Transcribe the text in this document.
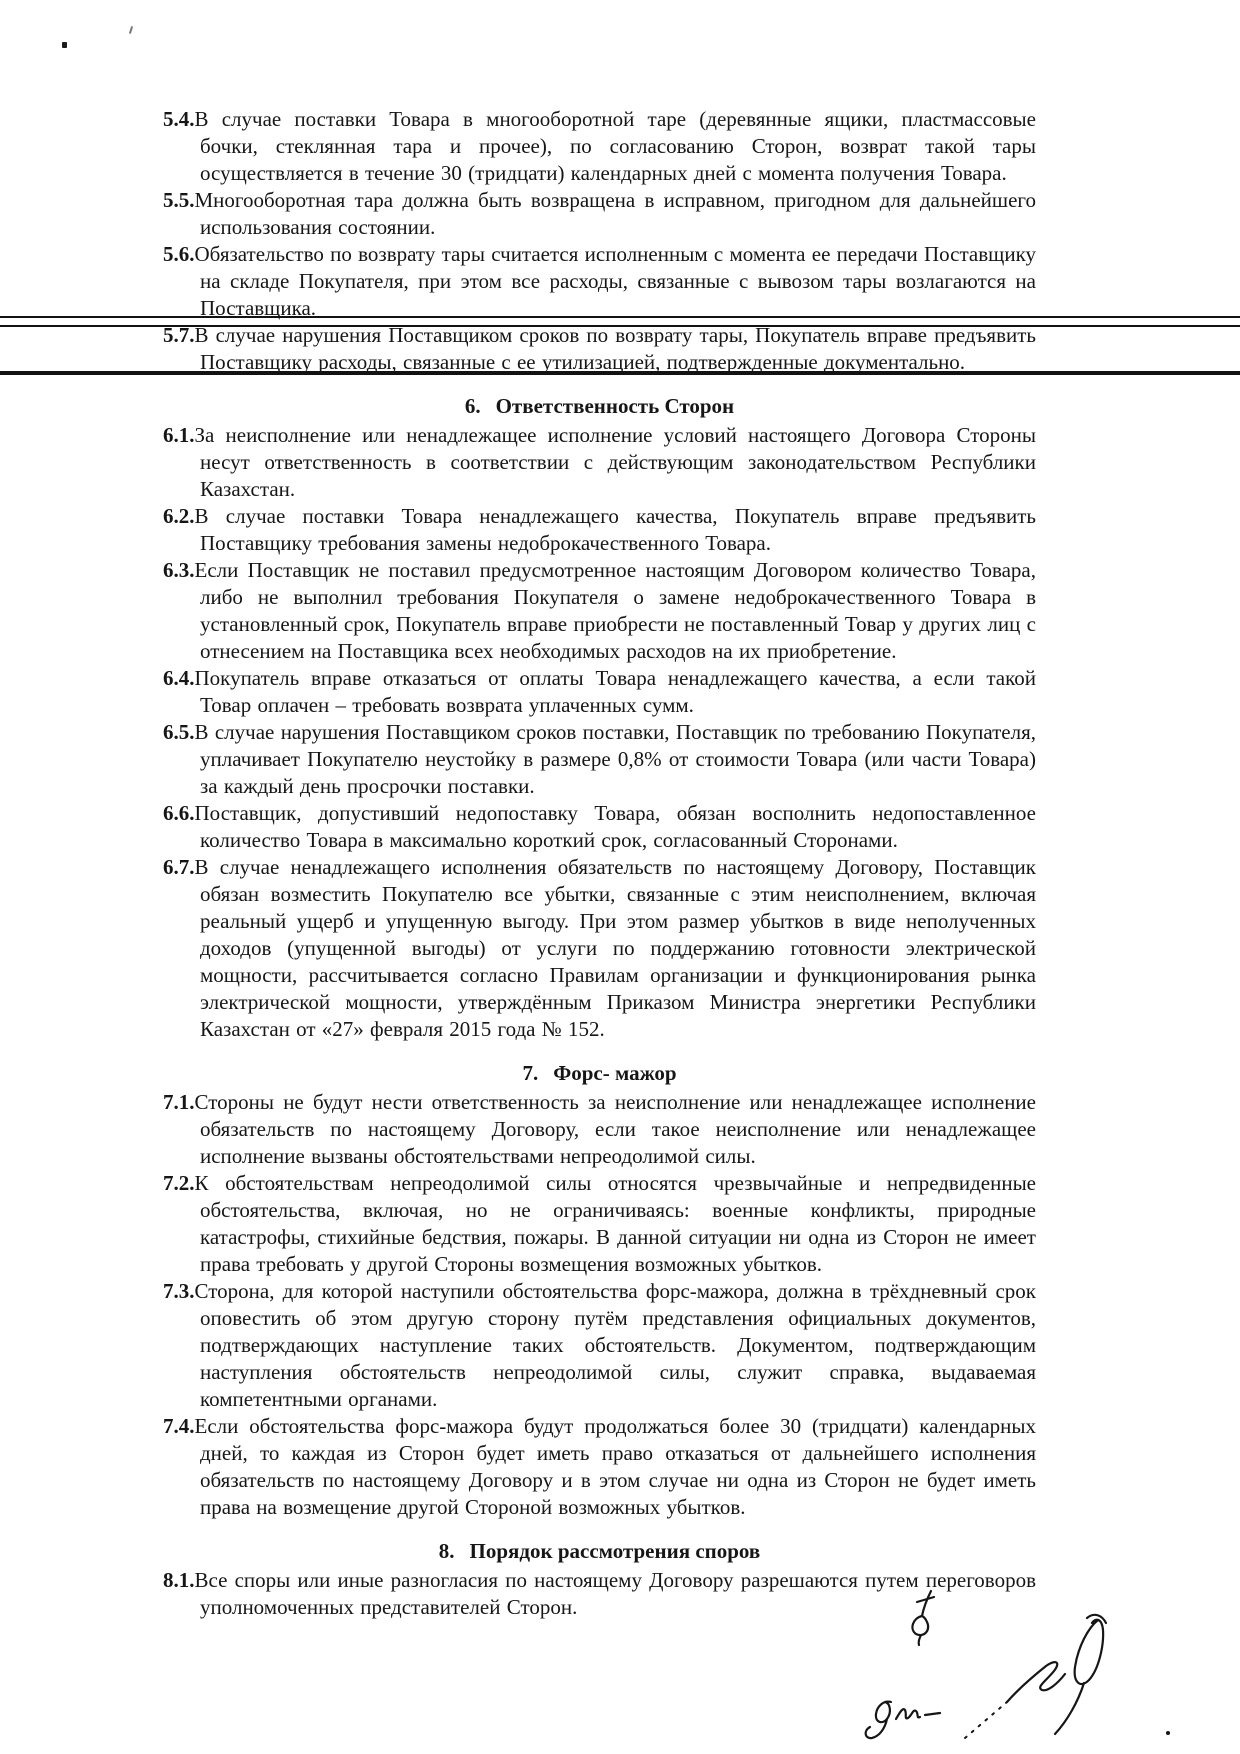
5.4.В случае поставки Товара в многооборотной таре (деревянные ящики, пластмассовые бочки, стеклянная тара и прочее), по согласованию Сторон, возврат такой тары осуществляется в течение 30 (тридцати) календарных дней с момента получения Товара.

5.5.Многооборотная тара должна быть возвращена в исправном, пригодном для дальнейшего использования состоянии.

5.6.Обязательство по возврату тары считается исполненным с момента ее передачи Поставщику на складе Покупателя, при этом все расходы, связанные с вывозом тары возлагаются на Поставщика.

5.7.В случае нарушения Поставщиком сроков по возврату тары, Покупатель вправе предъявить Поставщику расходы, связанные с ее утилизацией, подтвержденные документально.

6. Ответственность Сторон

6.1.За неисполнение или ненадлежащее исполнение условий настоящего Договора Стороны несут ответственность в соответствии с действующим законодательством Республики Казахстан.

6.2.В случае поставки Товара ненадлежащего качества, Покупатель вправе предъявить Поставщику требования замены недоброкачественного Товара.

6.3.Если Поставщик не поставил предусмотренное настоящим Договором количество Товара, либо не выполнил требования Покупателя о замене недоброкачественного Товара в установленный срок, Покупатель вправе приобрести не поставленный Товар у других лиц с отнесением на Поставщика всех необходимых расходов на их приобретение.

6.4.Покупатель вправе отказаться от оплаты Товара ненадлежащего качества, а если такой Товар оплачен – требовать возврата уплаченных сумм.

6.5.В случае нарушения Поставщиком сроков поставки, Поставщик по требованию Покупателя, уплачивает Покупателю неустойку в размере 0,8% от стоимости Товара (или части Товара) за каждый день просрочки поставки.

6.6.Поставщик, допустивший недопоставку Товара, обязан восполнить недопоставленное количество Товара в максимально короткий срок, согласованный Сторонами.

6.7.В случае ненадлежащего исполнения обязательств по настоящему Договору, Поставщик обязан возместить Покупателю все убытки, связанные с этим неисполнением, включая реальный ущерб и упущенную выгоду. При этом размер убытков в виде неполученных доходов (упущенной выгоды) от услуги по поддержанию готовности электрической мощности, рассчитывается согласно Правилам организации и функционирования рынка электрической мощности, утверждённым Приказом Министра энергетики Республики Казахстан от «27» февраля 2015 года № 152.

7. Форс- мажор

7.1.Стороны не будут нести ответственность за неисполнение или ненадлежащее исполнение обязательств по настоящему Договору, если такое неисполнение или ненадлежащее исполнение вызваны обстоятельствами непреодолимой силы.

7.2.К обстоятельствам непреодолимой силы относятся чрезвычайные и непредвиденные обстоятельства, включая, но не ограничиваясь: военные конфликты, природные катастрофы, стихийные бедствия, пожары. В данной ситуации ни одна из Сторон не имеет права требовать у другой Стороны возмещения возможных убытков.

7.3.Сторона, для которой наступили обстоятельства форс-мажора, должна в трёхдневный срок оповестить об этом другую сторону путём представления официальных документов, подтверждающих наступление таких обстоятельств. Документом, подтверждающим наступления обстоятельств непреодолимой силы, служит справка, выдаваемая компетентными органами.

7.4.Если обстоятельства форс-мажора будут продолжаться более 30 (тридцати) календарных дней, то каждая из Сторон будет иметь право отказаться от дальнейшего исполнения обязательств по настоящему Договору и в этом случае ни одна из Сторон не будет иметь права на возмещение другой Стороной возможных убытков.

8. Порядок рассмотрения споров

8.1.Все споры или иные разногласия по настоящему Договору разрешаются путем переговоров уполномоченных представителей Сторон.
